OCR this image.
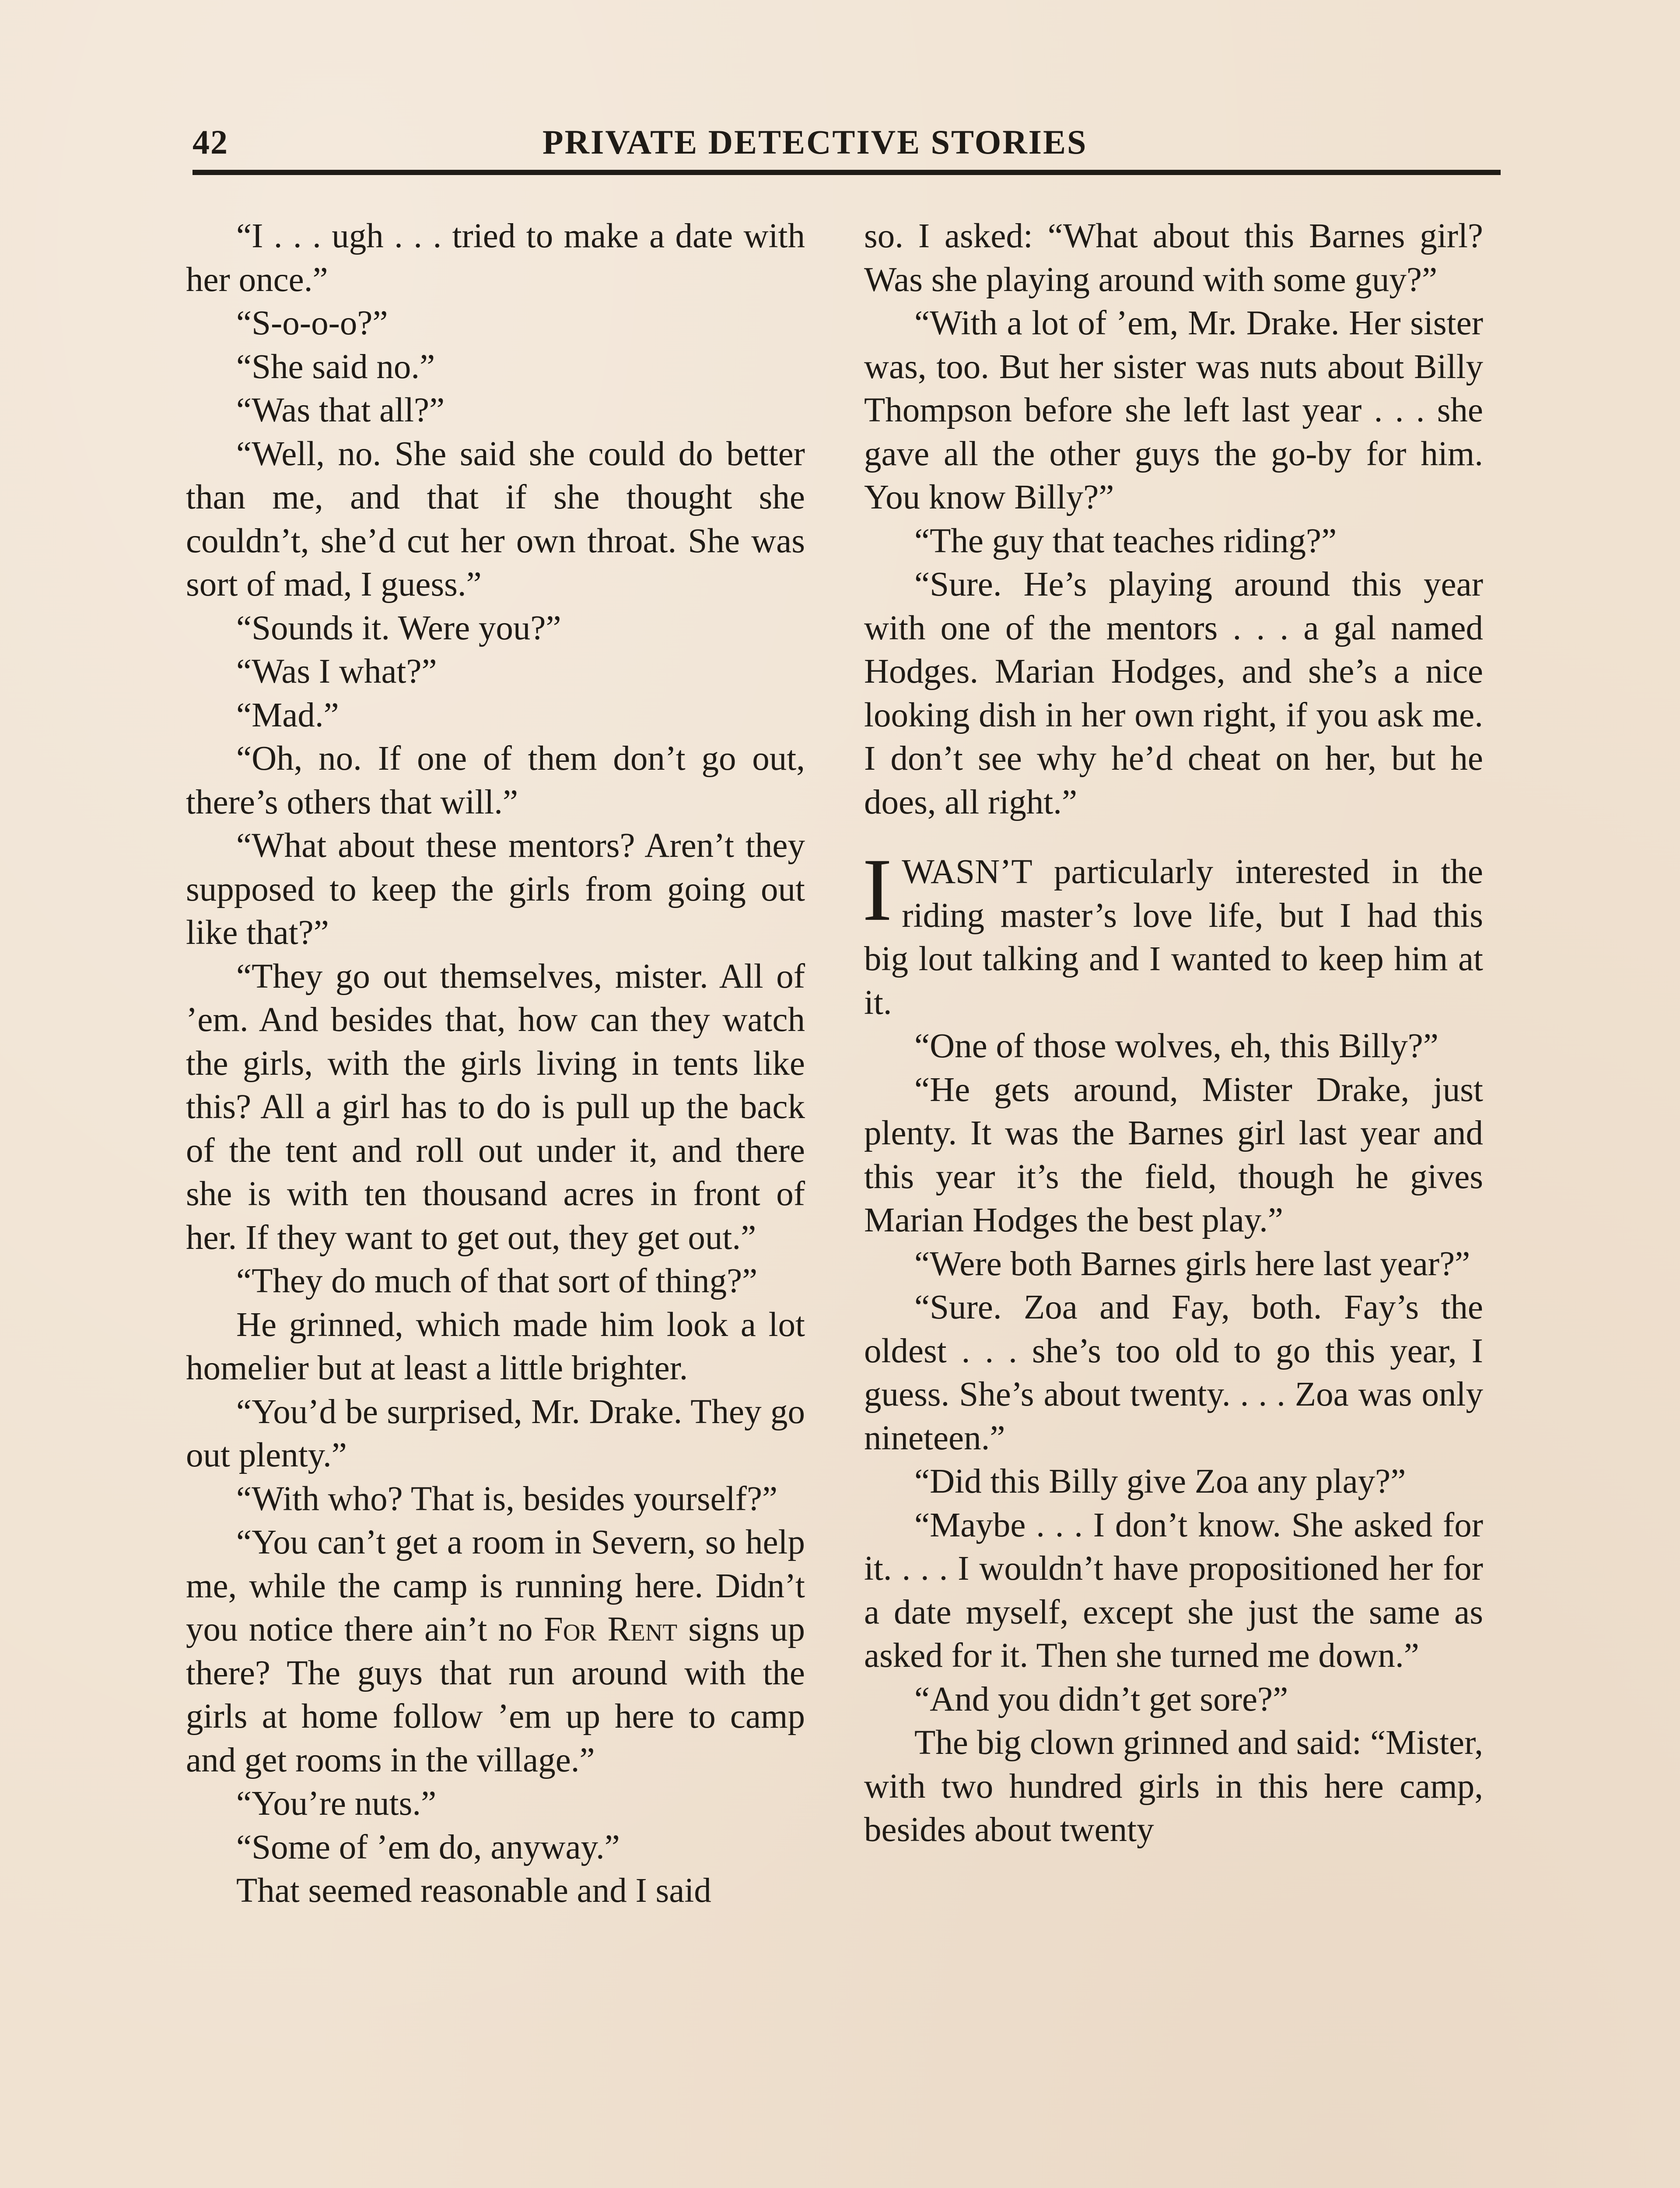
42	PRIVATE DETECTIVE STORIES

“I . . . ugh . . . tried to make a date with her once.”

“S-o-o-o?”

“She said no.”

“Was that all?”

“Well, no. She said she could do better than me, and that if she thought she couldn’t, she’d cut her own throat. She was sort of mad, I guess.”

“Sounds it. Were you?”

“Was I what?”

“Mad.”

“Oh, no. If one of them don’t go out, there’s others that will.”

“What about these mentors? Aren’t they supposed to keep the girls from going out like that?”

“They go out themselves, mister. All of ’em. And besides that, how can they watch the girls, with the girls living in tents like this? All a girl has to do is pull up the back of the tent and roll out under it, and there she is with ten thousand acres in front of her. If they want to get out, they get out.”

“They do much of that sort of thing?”

He grinned, which made him look a lot homelier but at least a little brighter.

“You’d be surprised, Mr. Drake. They go out plenty.”

“With who? That is, besides yourself?”

“You can’t get a room in Severn, so help me, while the camp is running here. Didn’t you notice there ain’t no For Rent signs up there? The guys that run around with the girls at home follow ’em up here to camp and get rooms in the village.”

“You’re nuts.”

“Some of ’em do, anyway.”

That seemed reasonable and I said

so. I asked: “What about this Barnes girl? Was she playing around with some guy?”

“With a lot of ’em, Mr. Drake. Her sister was, too. But her sister was nuts about Billy Thompson before she left last year . . . she gave all the other guys the go-by for him. You know Billy?”

“The guy that teaches riding?”

“Sure. He’s playing around this year with one of the mentors . . . a gal named Hodges. Marian Hodges, and she’s a nice looking dish in her own right, if you ask me. I don’t see why he’d cheat on her, but he does, all right.”

IWASN’T particularly interested in the riding master’s love life, but I had this big lout talking and I wanted to keep him at it.

“One of those wolves, eh, this Billy?”

“He gets around, Mister Drake, just plenty. It was the Barnes girl last year and this year it’s the field, though he gives Marian Hodges the best play.”

“Were both Barnes girls here last year?”

“Sure. Zoa and Fay, both. Fay’s the oldest . . . she’s too old to go this year, I guess. She’s about twenty. . . . Zoa was only nineteen.”

“Did this Billy give Zoa any play?”

“Maybe . . . I don’t know. She asked for it. . . . I wouldn’t have propositioned her for a date myself, except she just the same as asked for it. Then she turned me down.”

“And you didn’t get sore?”

The big clown grinned and said: “Mister, with two hundred girls in this here camp, besides about twenty
